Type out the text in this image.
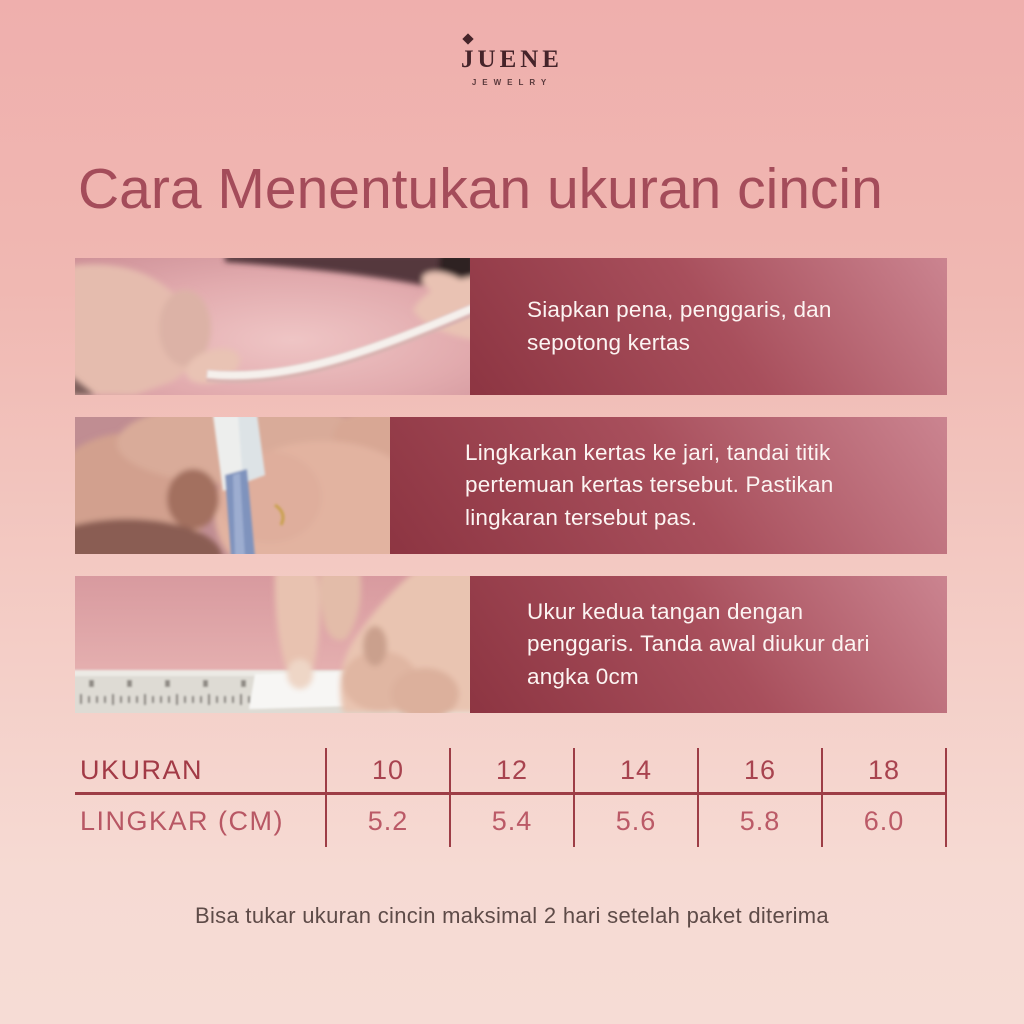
JUENE
JEWELRY
Cara Menentukan ukuran cincin
Siapkan pena, penggaris, dan sepotong kertas
Lingkarkan kertas ke jari, tandai titik pertemuan kertas tersebut. Pastikan lingkaran tersebut pas.
Ukur kedua tangan dengan penggaris. Tanda awal diukur dari angka 0cm
UKURAN	10	12	14	16	18
LINGKAR (CM)	5.2	5.4	5.6	5.8	6.0
Bisa tukar ukuran cincin maksimal 2 hari setelah paket diterima
